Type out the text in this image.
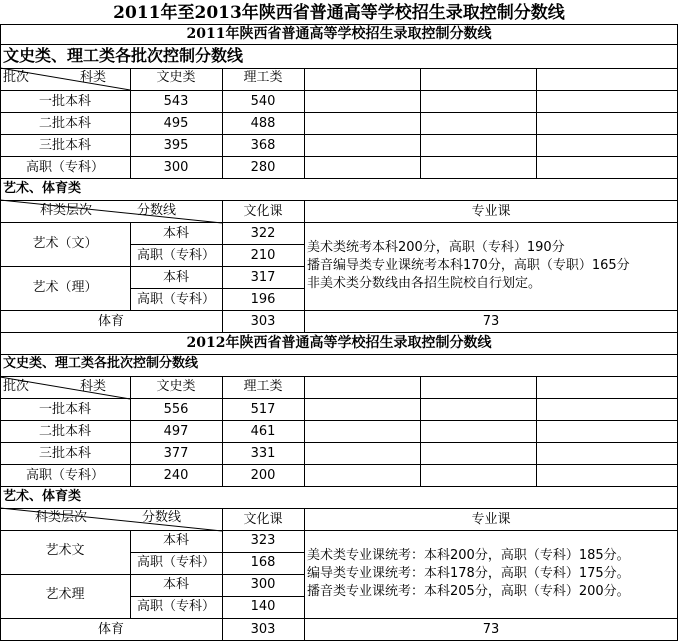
2011年至2013年陕西省普通高等学校招生录取控制分数线
2011年陕西省普通高等学校招生录取控制分数线
文史类、理工类各批次控制分数线
批次	科类	文史类	理工类
一批本科	543	540
二批本科	495	488
三批本科	395	368
高职（专科）	300	280
艺术、体育类
科类层次	分数线	文化课	专业课
艺术（文）
本科	322
高职（专科）	210
艺术（理）
本科	317
高职（专科）	196
美术类统考本科200分，高职（专科）190分
播音编导类专业课统考本科170分，高职（专职）165分
非美术类分数线由各招生院校自行划定。
体育	303	73
2012年陕西省普通高等学校招生录取控制分数线
文史类、理工类各批次控制分数线
批次	科类	文史类	理工类
一批本科	556	517
二批本科	497	461
三批本科	377	331
高职（专科）	240	200
艺术、体育类
科类层次	分数线	文化课	专业课
艺术文
本科	323
高职（专科）	168
艺术理
本科	300
高职（专科）	140
美术类专业课统考：本科200分，高职（专科）185分。
编导类专业课统考：本科178分，高职（专科）175分。
播音类专业课统考：本科205分，高职（专科）200分。
体育	303	73
